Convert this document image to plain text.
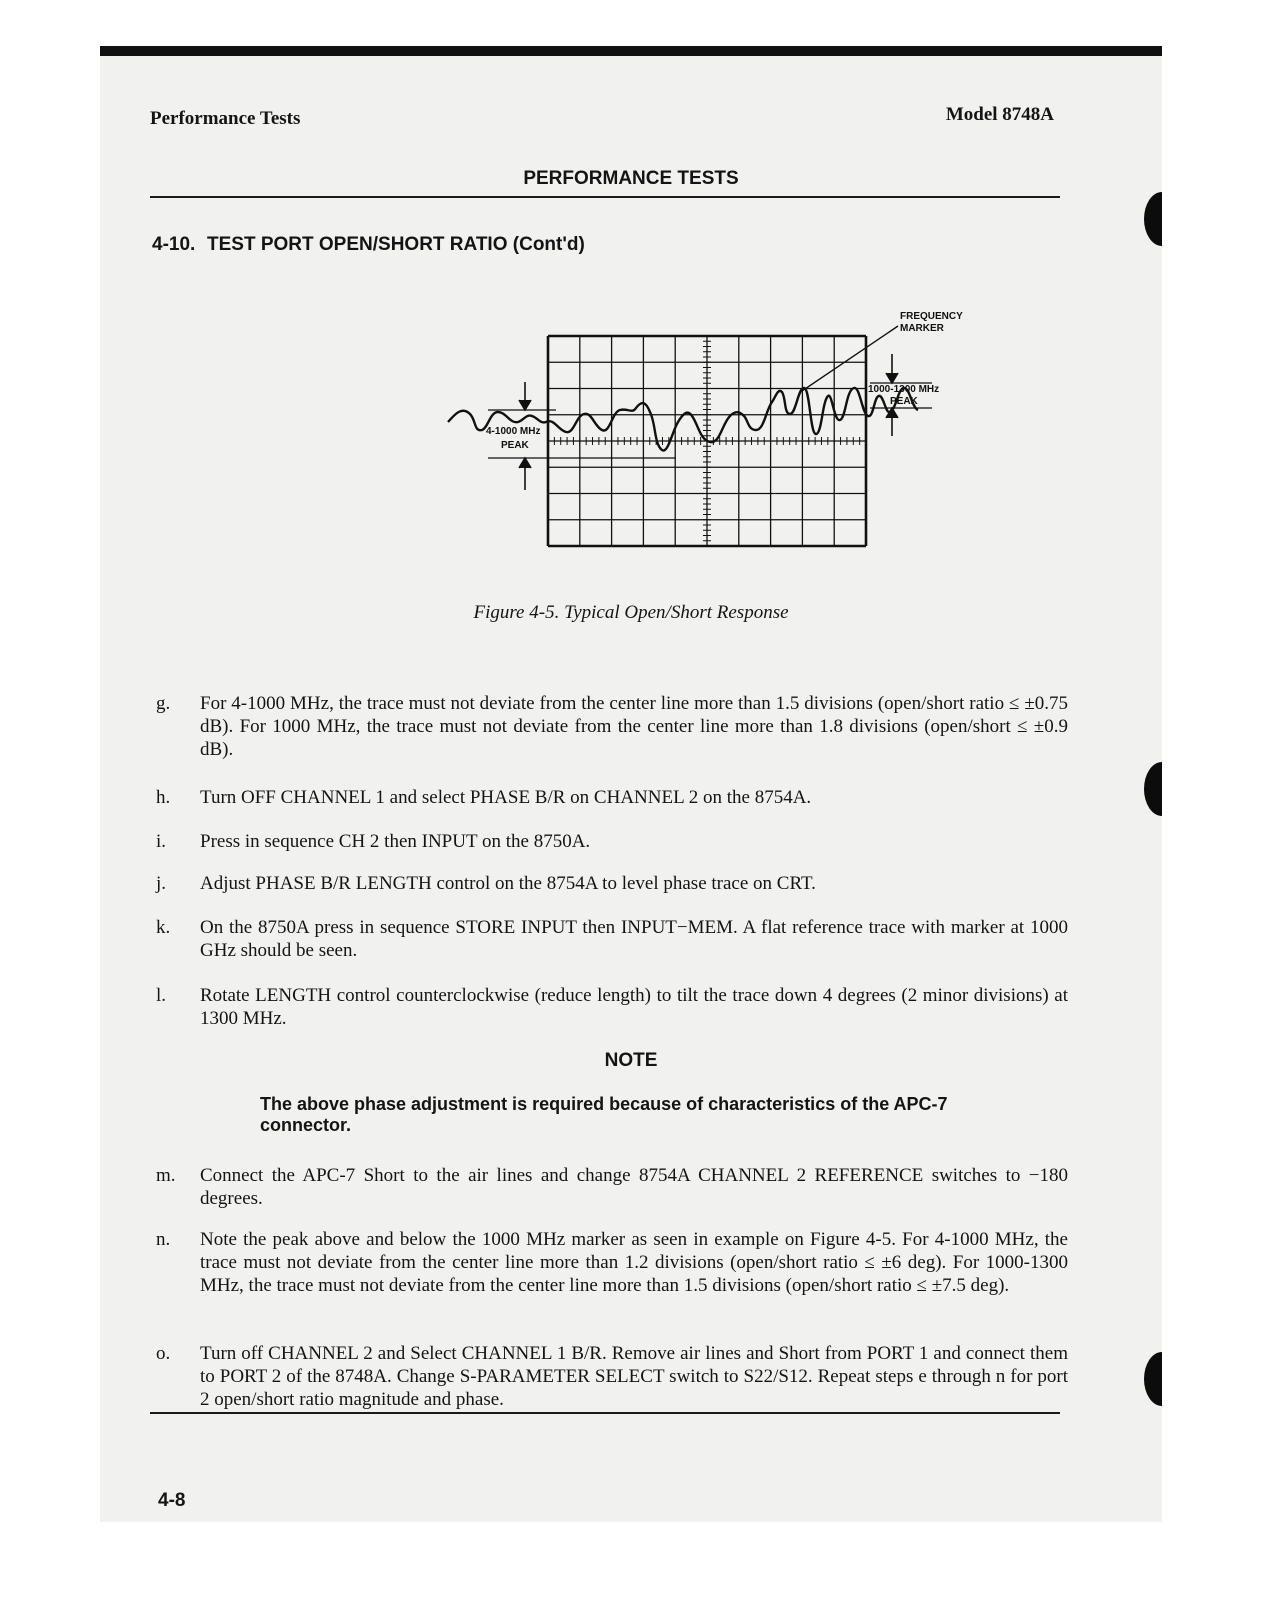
Performance Tests	Model 8748A
PERFORMANCE TESTS
4-10. TEST PORT OPEN/SHORT RATIO (Cont'd)
FREQUENCY
MARKER
1000-1300 MHz
PEAK
4-1000 MHz
PEAK
Figure 4-5. Typical Open/Short Response
g. For 4-1000 MHz, the trace must not deviate from the center line more than 1.5 divisions (open/short ratio ≤ ±0.75 dB). For 1000 MHz, the trace must not deviate from the center line more than 1.8 divisions (open/short ≤ ±0.9 dB).
h. Turn OFF CHANNEL 1 and select PHASE B/R on CHANNEL 2 on the 8754A.
i. Press in sequence CH 2 then INPUT on the 8750A.
j. Adjust PHASE B/R LENGTH control on the 8754A to level phase trace on CRT.
k. On the 8750A press in sequence STORE INPUT then INPUT−MEM. A flat reference trace with marker at 1000 GHz should be seen.
l. Rotate LENGTH control counterclockwise (reduce length) to tilt the trace down 4 degrees (2 minor divisions) at 1300 MHz.
NOTE
The above phase adjustment is required because of characteristics of the APC-7 connector.
m. Connect the APC-7 Short to the air lines and change 8754A CHANNEL 2 REFERENCE switches to −180 degrees.
n. Note the peak above and below the 1000 MHz marker as seen in example on Figure 4-5. For 4-1000 MHz, the trace must not deviate from the center line more than 1.2 divisions (open/short ratio ≤ ±6 deg). For 1000-1300 MHz, the trace must not deviate from the center line more than 1.5 divisions (open/short ratio ≤ ±7.5 deg).
o. Turn off CHANNEL 2 and Select CHANNEL 1 B/R. Remove air lines and Short from PORT 1 and connect them to PORT 2 of the 8748A. Change S-PARAMETER SELECT switch to S22/S12. Repeat steps e through n for port 2 open/short ratio magnitude and phase.
4-8
